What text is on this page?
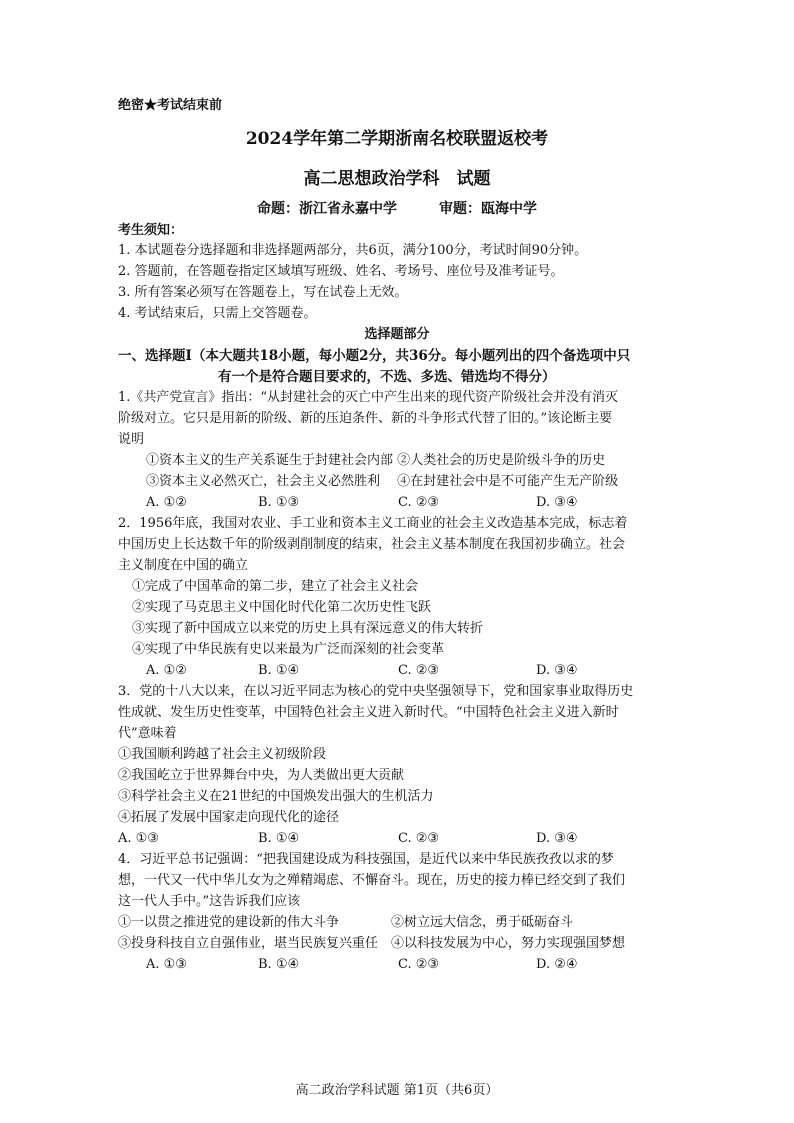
绝密★考试结束前
2024学年第二学期浙南名校联盟返校考
高二思想政治学科　试题
命题：浙江省永嘉中学　　　审题：瓯海中学
考生须知：
1. 本试题卷分选择题和非选择题两部分，共6页，满分100分，考试时间90分钟。
2. 答题前，在答题卷指定区域填写班级、姓名、考场号、座位号及准考证号。
3. 所有答案必须写在答题卷上，写在试卷上无效。
4. 考试结束后，只需上交答题卷。
选择题部分
一、选择题Ⅰ（本大题共18小题，每小题2分，共36分。每小题列出的四个备选项中只
有一个是符合题目要求的，不选、多选、错选均不得分）
1.《共产党宣言》指出：“从封建社会的灭亡中产生出来的现代资产阶级社会并没有消灭
阶级对立。它只是用新的阶级、新的压迫条件、新的斗争形式代替了旧的。”该论断主要
说明
①资本主义的生产关系诞生于封建社会内部 ②人类社会的历史是阶级斗争的历史
③资本主义必然灭亡，社会主义必然胜利　 ④在封建社会中是不可能产生无产阶级
A. ①②	B. ①③	C. ②③	D. ③④
2．1956年底，我国对农业、手工业和资本主义工商业的社会主义改造基本完成，标志着
中国历史上长达数千年的阶级剥削制度的结束，社会主义基本制度在我国初步确立。社会
主义制度在中国的确立
①完成了中国革命的第二步，建立了社会主义社会
②实现了马克思主义中国化时代化第二次历史性飞跃
③实现了新中国成立以来党的历史上具有深远意义的伟大转折
④实现了中华民族有史以来最为广泛而深刻的社会变革
A. ①②	B. ①④	C. ②③	D. ③④
3．党的十八大以来，在以习近平同志为核心的党中央坚强领导下，党和国家事业取得历史
性成就、发生历史性变革，中国特色社会主义进入新时代。“中国特色社会主义进入新时
代”意味着
①我国顺利跨越了社会主义初级阶段
②我国屹立于世界舞台中央，为人类做出更大贡献
③科学社会主义在21世纪的中国焕发出强大的生机活力
④拓展了发展中国家走向现代化的途径
A. ①③	B. ①④	C. ②③	D. ③④
4．习近平总书记强调：“把我国建设成为科技强国，是近代以来中华民族孜孜以求的梦
想，一代又一代中华儿女为之殚精竭虑、不懈奋斗。现在，历史的接力棒已经交到了我们
这一代人手中。”这告诉我们应该
①一以贯之推进党的建设新的伟大斗争　　　　②树立远大信念，勇于砥砺奋斗
③投身科技自立自强伟业，堪当民族复兴重任　④以科技发展为中心，努力实现强国梦想
A. ①③	B. ①④	C. ②③	D. ②④
高二政治学科试题 第1页（共6页）
